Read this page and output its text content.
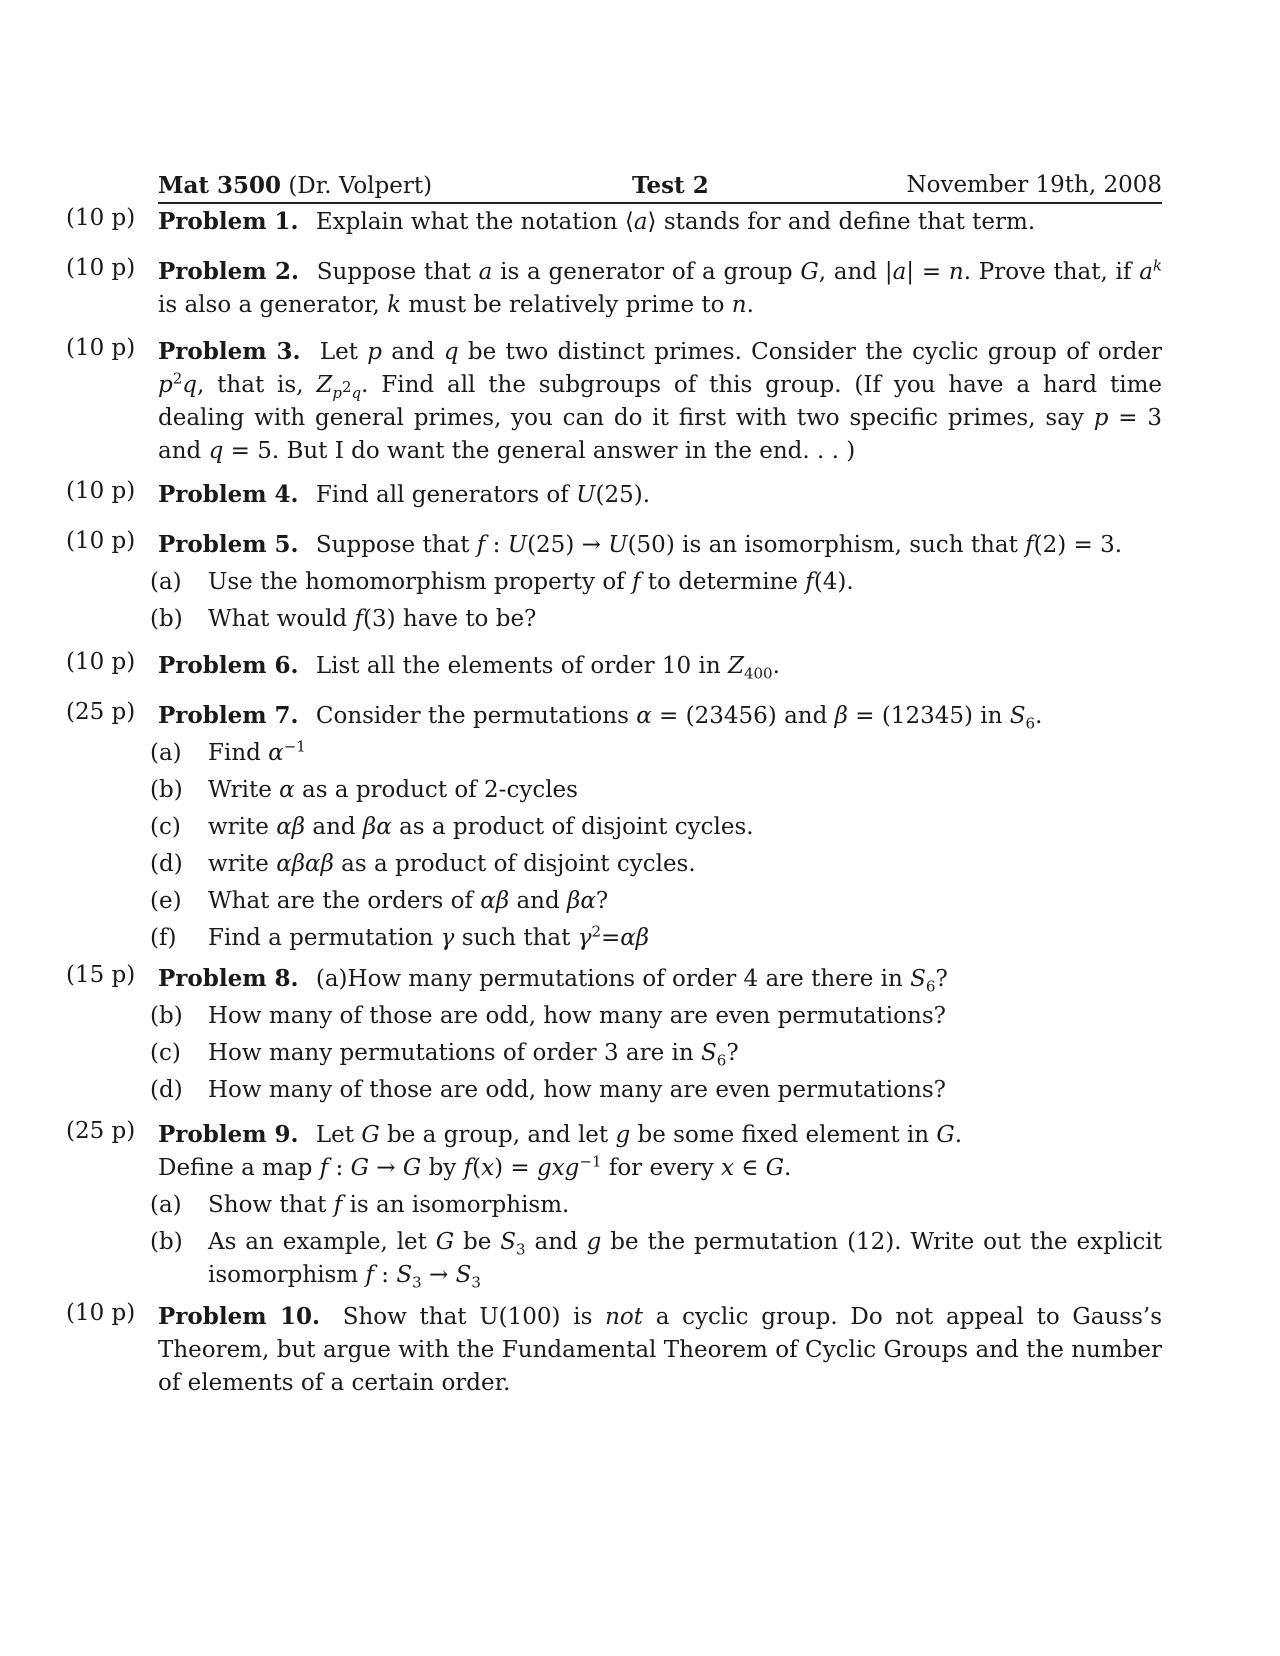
Mat 3500 (Dr. Volpert)	Test 2	November 19th, 2008
(10 p) Problem 1. Explain what the notation ⟨a⟩ stands for and define that term.
(10 p) Problem 2. Suppose that a is a generator of a group G, and |a| = n. Prove that, if $a^k$ is also a generator, k must be relatively prime to n.
(10 p) Problem 3. Let p and q be two distinct primes. Consider the cyclic group of order $p^2q$, that is, $Z_{p^2q}$. Find all the subgroups of this group. (If you have a hard time dealing with general primes, you can do it first with two specific primes, say p = 3 and q = 5. But I do want the general answer in the end. . . )
(10 p) Problem 4. Find all generators of U(25).
(10 p) Problem 5. Suppose that f : U(25) → U(50) is an isomorphism, such that f(2) = 3.
(a) Use the homomorphism property of f to determine f(4).
(b) What would f(3) have to be?
(10 p) Problem 6. List all the elements of order 10 in $Z_{400}$.
(25 p) Problem 7. Consider the permutations α = (23456) and β = (12345) in $S_6$.
(a) Find $\alpha^{-1}$
(b) Write α as a product of 2-cycles
(c) write αβ and βα as a product of disjoint cycles.
(d) write αβαβ as a product of disjoint cycles.
(e) What are the orders of αβ and βα?
(f) Find a permutation γ such that $\gamma^2=\alpha\beta$
(15 p) Problem 8. (a)How many permutations of order 4 are there in $S_6$?
(b) How many of those are odd, how many are even permutations?
(c) How many permutations of order 3 are in $S_6$?
(d) How many of those are odd, how many are even permutations?
(25 p) Problem 9. Let G be a group, and let g be some fixed element in G.
Define a map f : G → G by f(x) = gxg$^{-1}$ for every x ∈ G.
(a) Show that f is an isomorphism.
(b) As an example, let G be $S_3$ and g be the permutation (12). Write out the explicit isomorphism f : $S_3 \to S_3$
(10 p) Problem 10. Show that U(100) is not a cyclic group. Do not appeal to Gauss’s Theorem, but argue with the Fundamental Theorem of Cyclic Groups and the number of elements of a certain order.
